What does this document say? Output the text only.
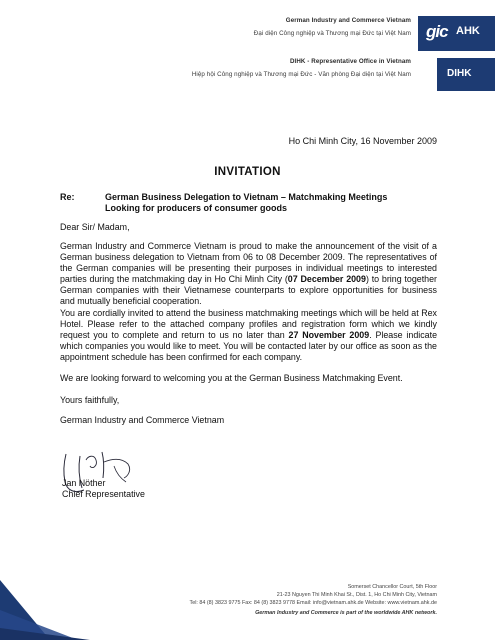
German Industry and Commerce Vietnam
Đại diện Công nghiệp và Thương mại Đức tại Việt Nam
DIHK - Representative Office in Vietnam
Hiệp hội Công nghiệp và Thương mại Đức - Văn phòng Đại diện tại Việt Nam
gic AHK
DIHK
Ho Chi Minh City, 16 November 2009
INVITATION
Re:	German Business Delegation to Vietnam – Matchmaking Meetings
Looking for producers of consumer goods
Dear Sir/ Madam,
German Industry and Commerce Vietnam is proud to make the announcement of the visit of a German business delegation to Vietnam from 06 to 08 December 2009. The representatives of the German companies will be presenting their purposes in individual meetings to interested parties during the matchmaking day in Ho Chi Minh City (07 December 2009) to bring together German companies with their Vietnamese counterparts to explore opportunities for business and mutually beneficial cooperation.
You are cordially invited to attend the business matchmaking meetings which will be held at Rex Hotel. Please refer to the attached company profiles and registration form which we kindly request you to complete and return to us no later than 27 November 2009. Please indicate which companies you would like to meet. You will be contacted later by our office as soon as the appointment schedule has been confirmed for each company.
We are looking forward to welcoming you at the German Business Matchmaking Event.
Yours faithfully,
German Industry and Commerce Vietnam
Jan Nöther
Chief Representative
Somerset Chancellor Court, 5th Floor
21-23 Nguyen Thi Minh Khai St., Dist. 1, Ho Chi Minh City, Vietnam
Tel: 84 (8) 3823 9775 Fax: 84 (8) 3823 9778 Email: info@vietnam.ahk.de Website: www.vietnam.ahk.de
German Industry and Commerce is part of the worldwide AHK network.
